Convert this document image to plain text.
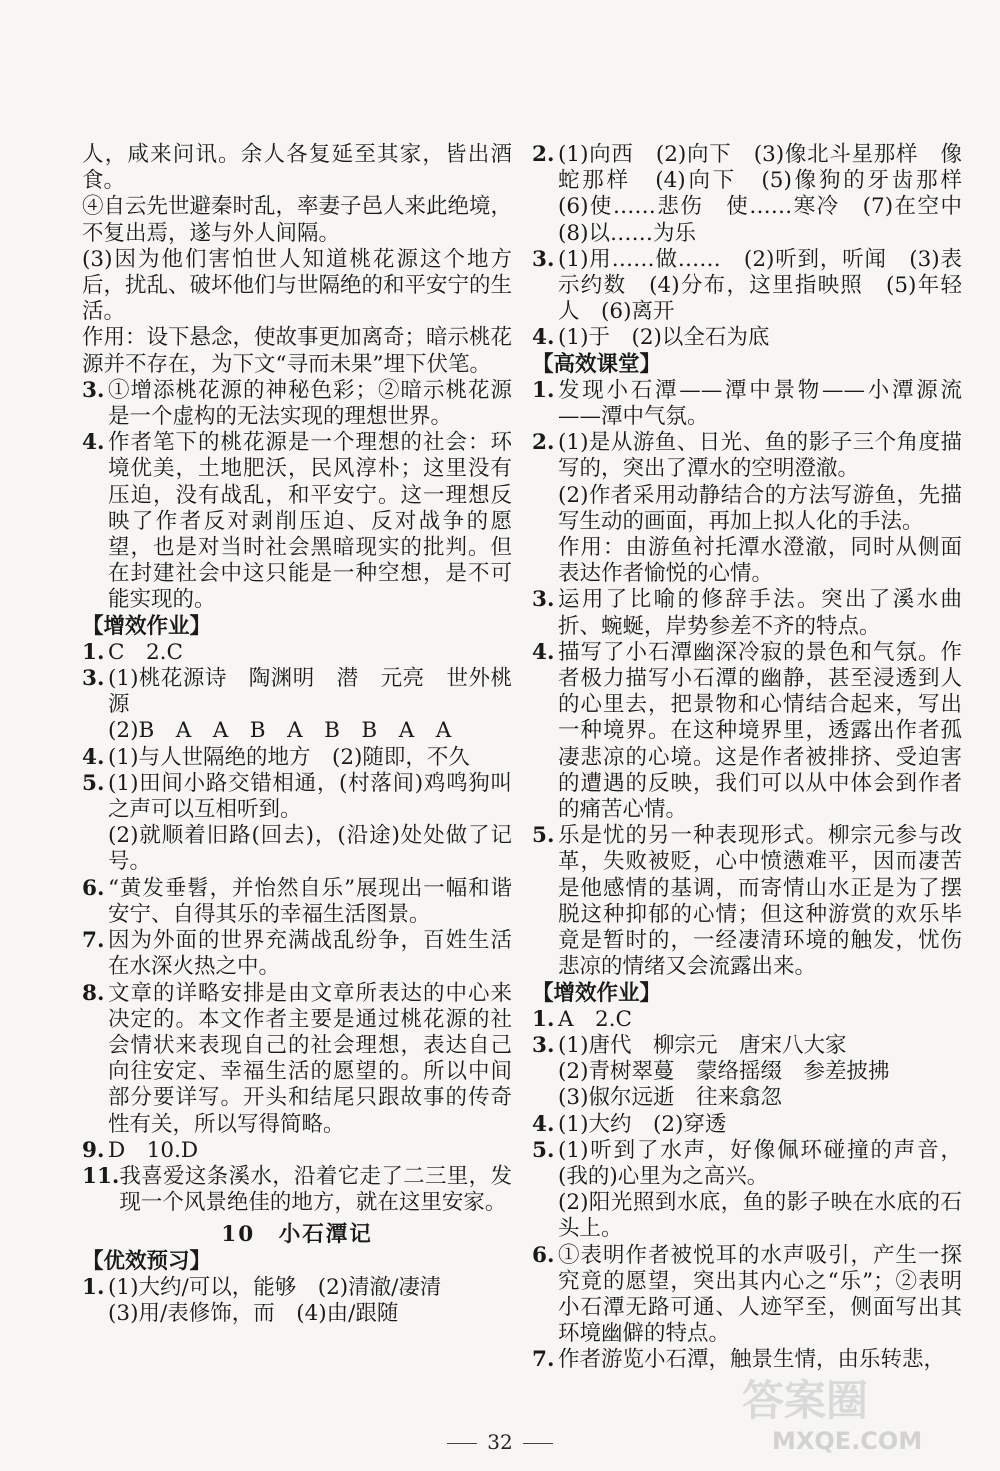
人，咸来问讯。余人各复延至其家，皆出酒食。

④自云先世避秦时乱，率妻子邑人来此绝境，不复出焉，遂与外人间隔。

(3)因为他们害怕世人知道桃花源这个地方后，扰乱、破坏他们与世隔绝的和平安宁的生活。

作用：设下悬念，使故事更加离奇；暗示桃花源并不存在，为下文“寻而未果”埋下伏笔。

3. ①增添桃花源的神秘色彩；②暗示桃花源是一个虚构的无法实现的理想世界。
4. 作者笔下的桃花源是一个理想的社会：环境优美，土地肥沃，民风淳朴；这里没有压迫，没有战乱，和平安宁。这一理想反映了作者反对剥削压迫、反对战争的愿望，也是对当时社会黑暗现实的批判。但在封建社会中这只能是一种空想，是不可能实现的。

【增效作业】

1. C　2.C
3. (1)桃花源诗　陶渊明　潜　元亮　世外桃源

(2)B　A　A　B　A　B　B　A　A

4. (1)与人世隔绝的地方　(2)随即，不久
5. (1)田间小路交错相通，(村落间)鸡鸣狗叫之声可以互相听到。

(2)就顺着旧路(回去)，(沿途)处处做了记号。

6. “黄发垂髫，并怡然自乐”展现出一幅和谐安宁、自得其乐的幸福生活图景。
7. 因为外面的世界充满战乱纷争，百姓生活在水深火热之中。
8. 文章的详略安排是由文章所表达的中心来决定的。本文作者主要是通过桃花源的社会情状来表现自己的社会理想，表达自己向往安定、幸福生活的愿望的。所以中间部分要详写。开头和结尾只跟故事的传奇性有关，所以写得简略。
9. D　10.D
11. 我喜爱这条溪水，沿着它走了二三里，发现一个风景绝佳的地方，就在这里安家。

10　小石潭记

【优效预习】

1. (1)大约/可以，能够　(2)清澈/凄清

(3)用/表修饰，而　(4)由/跟随

2. (1)向西　(2)向下　(3)像北斗星那样　像蛇那样　(4)向下　(5)像狗的牙齿那样　(6)使……悲伤　使……寒冷　(7)在空中　(8)以……为乐
3. (1)用……做……　(2)听到，听闻　(3)表示约数　(4)分布，这里指映照　(5)年轻人　(6)离开
4. (1)于　(2)以全石为底

【高效课堂】

1. 发现小石潭——潭中景物——小潭源流——潭中气氛。
2. (1)是从游鱼、日光、鱼的影子三个角度描写的，突出了潭水的空明澄澈。

(2)作者采用动静结合的方法写游鱼，先描写生动的画面，再加上拟人化的手法。

作用：由游鱼衬托潭水澄澈，同时从侧面表达作者愉悦的心情。

3. 运用了比喻的修辞手法。突出了溪水曲折、蜿蜒，岸势参差不齐的特点。
4. 描写了小石潭幽深冷寂的景色和气氛。作者极力描写小石潭的幽静，甚至浸透到人的心里去，把景物和心情结合起来，写出一种境界。在这种境界里，透露出作者孤凄悲凉的心境。这是作者被排挤、受迫害的遭遇的反映，我们可以从中体会到作者的痛苦心情。
5. 乐是忧的另一种表现形式。柳宗元参与改革，失败被贬，心中愤懑难平，因而凄苦是他感情的基调，而寄情山水正是为了摆脱这种抑郁的心情；但这种游赏的欢乐毕竟是暂时的，一经凄清环境的触发，忧伤悲凉的情绪又会流露出来。

【增效作业】

1. A　2.C
3. (1)唐代　柳宗元　唐宋八大家

(2)青树翠蔓　蒙络摇缀　参差披拂

(3)俶尔远逝　往来翕忽

4. (1)大约　(2)穿透
5. (1)听到了水声，好像佩环碰撞的声音，(我的)心里为之高兴。

(2)阳光照到水底，鱼的影子映在水底的石头上。

6. ①表明作者被悦耳的水声吸引，产生一探究竟的愿望，突出其内心之“乐”；②表明小石潭无路可通、人迹罕至，侧面写出其环境幽僻的特点。
7. 作者游览小石潭，触景生情，由乐转悲，
32
答案圈
MXQE.COM
